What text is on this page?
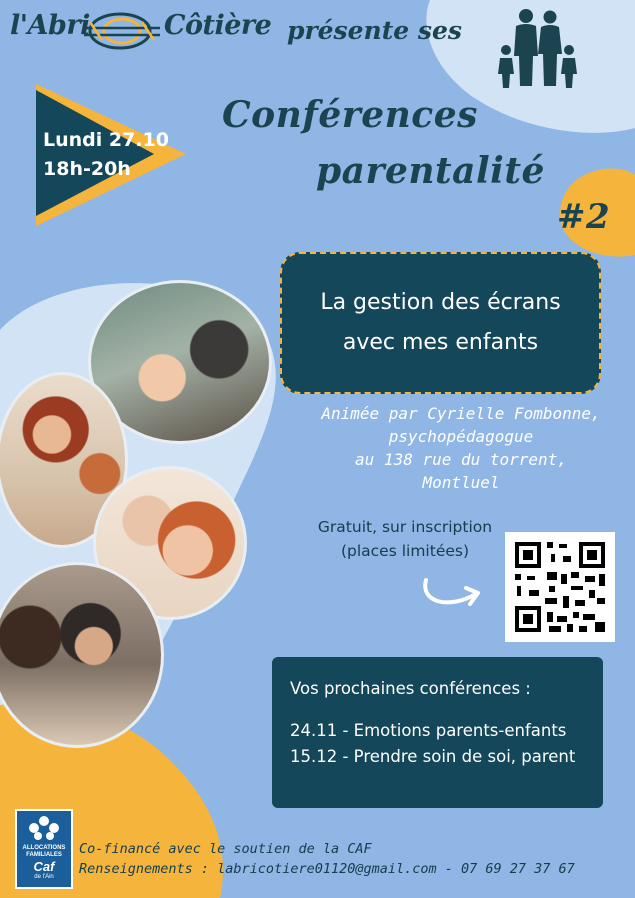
l'Abri	Côtière présente ses
Lundi 27.10
18h-20h
Conférences
parentalité
#2
La gestion des écrans
avec mes enfants
Animée par Cyrielle Fombonne,
psychopédagogue
au 138 rue du torrent,
Montluel
Gratuit, sur inscription
(places limitées)
Vos prochaines conférences :
24.11 - Emotions parents-enfants
15.12 - Prendre soin de soi, parent
ALLOCATIONS
FAMILIALES
Caf
de l'Ain
Co-financé avec le soutien de la CAF
Renseignements : labricotiere01120@gmail.com - 07 69 27 37 67
